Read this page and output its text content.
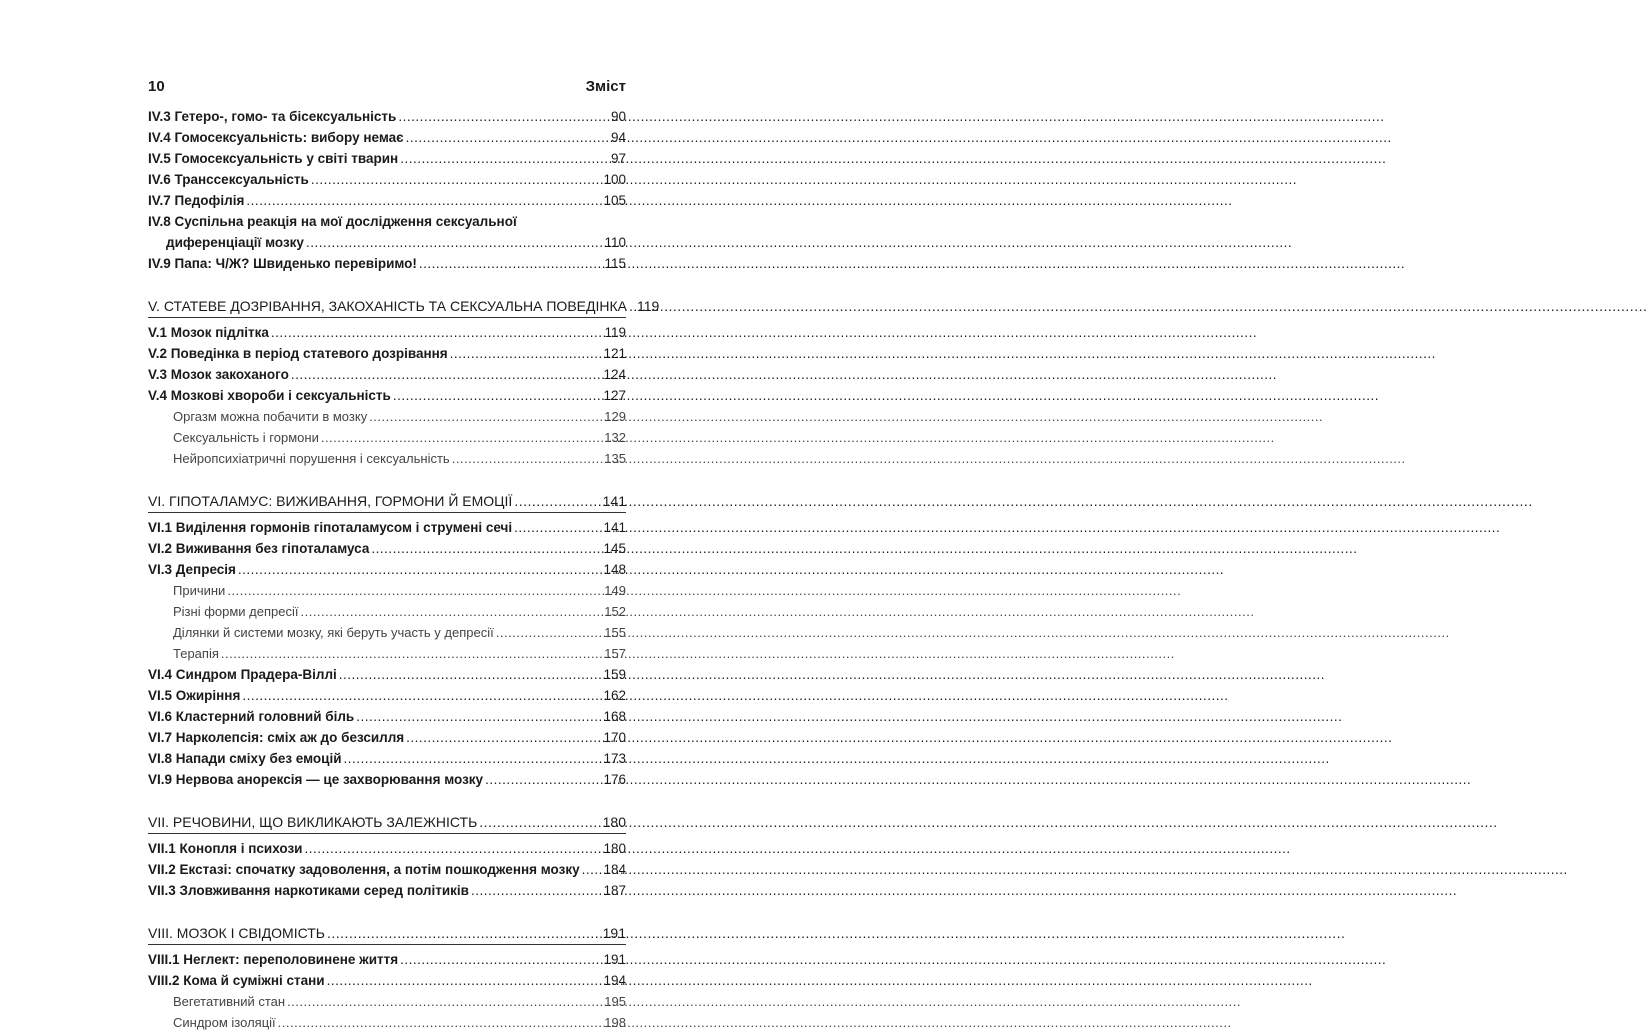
10	Зміст
IV.3 Гетеро-, гомо- та бісексуальність .....	90
IV.4 Гомосексуальність: вибору немає .....	94
IV.5 Гомосексуальність у світі тварин .....	97
IV.6 Транссексуальність .....	100
IV.7 Педофілія .....	105
IV.8 Суспільна реакція на мої дослідження сексуальної
диференціації мозку .....	110
IV.9 Папа: Ч/Ж? Швиденько перевіримо! .....	115
V. СТАТЕВЕ ДОЗРІВАННЯ, ЗАКОХАНІСТЬ ТА СЕКСУАЛЬНА ПОВЕДІНКА ..... 119
V.1 Мозок підлітка .....	119
V.2 Поведінка в період статевого дозрівання .....	121
V.3 Мозок закоханого .....	124
V.4 Мозкові хвороби і сексуальність .....	127
Оргазм можна побачити в мозку .....	129
Сексуальність і гормони .....	132
Нейропсихіатричні порушення і сексуальність .....	135
VI. ГІПОТАЛАМУС: ВИЖИВАННЯ, ГОРМОНИ Й ЕМОЦІЇ .....	141
VI.1 Виділення гормонів гіпоталамусом і струмені сечі .....	141
VI.2 Виживання без гіпоталамуса .....	145
VI.3 Депресія .....	148
Причини .....	149
Різні форми депресії .....	152
Ділянки й системи мозку, які беруть участь у депресії .....	155
Терапія .....	157
VI.4 Синдром Прадера-Віллі .....	159
VI.5 Ожиріння .....	162
VI.6 Кластерний головний біль .....	168
VI.7 Нарколепсія: сміх аж до безсилля .....	170
VI.8 Напади сміху без емоцій .....	173
VI.9 Нервова анорексія — це захворювання мозку .....	176
VII. РЕЧОВИНИ, ЩО ВИКЛИКАЮТЬ ЗАЛЕЖНІСТЬ .....	180
VII.1 Конопля і психози .....	180
VII.2 Екстазі: спочатку задоволення, а потім пошкодження мозку ..... 184
VII.3 Зловживання наркотиками серед політиків .....	187
VIII. МОЗОК І СВІДОМІСТЬ .....	191
VIII.1 Неглект: переполовинене життя .....	191
VIII.2 Кома й суміжні стани .....	194
Вегетативний стан .....	195
Синдром ізоляції .....	198
